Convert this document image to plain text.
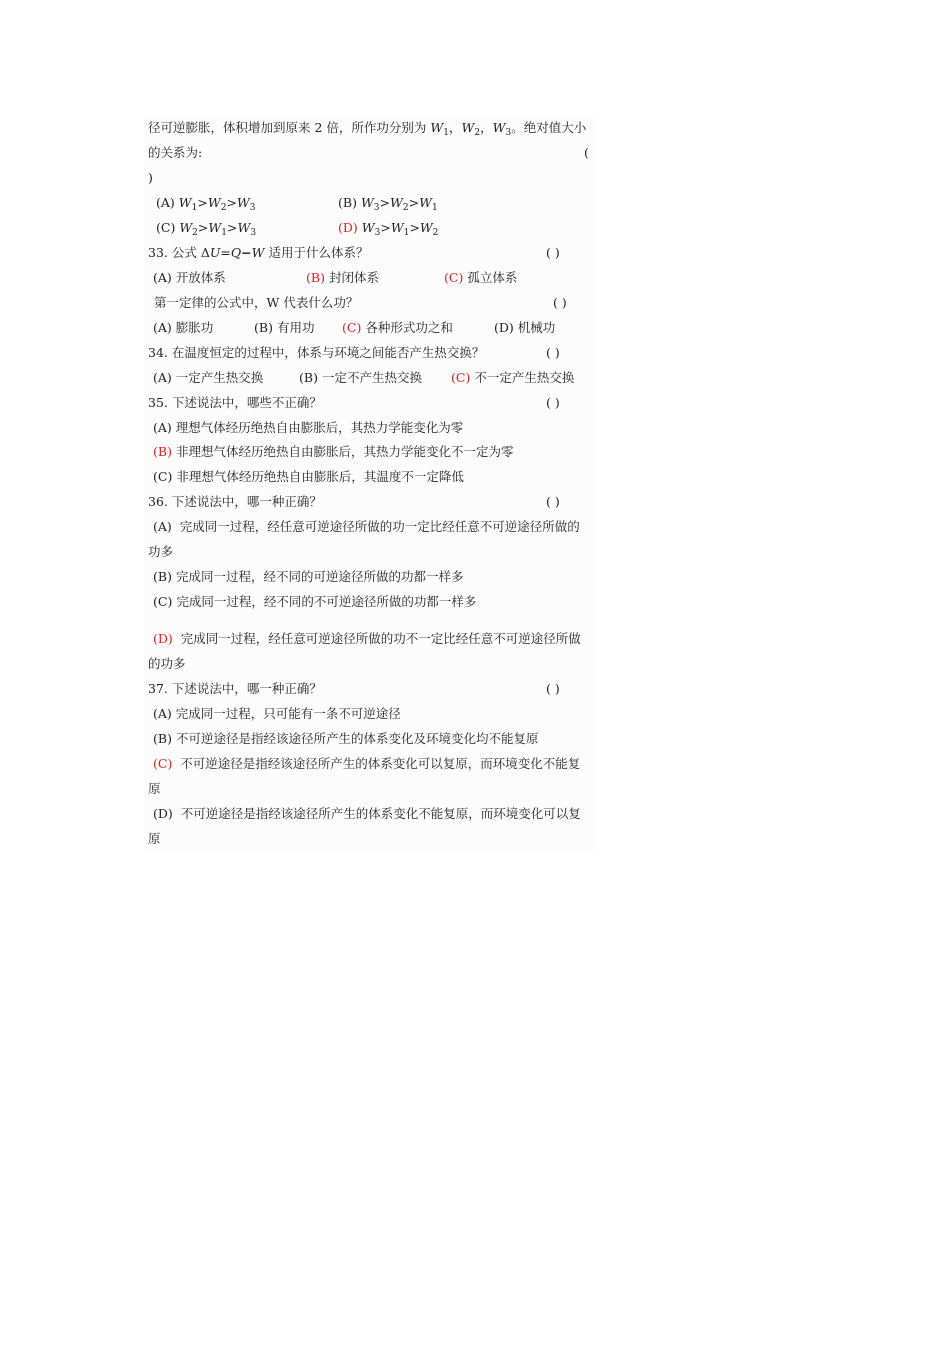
径可逆膨胀，体积增加到原来 2 倍，所作功分别为 $W_1$，$W_2$，$W_3$。绝对值大小
的关系为:	(
)
(A) $W_1>W_2>W_3$	(B) $W_3>W_2>W_1$
(C) $W_2>W_1>W_3$	(D) $W_3>W_1>W_2$
33. 公式 ΔU=Q−W 适用于什么体系？	( )
(A) 开放体系	(B) 封闭体系	(C) 孤立体系
第一定律的公式中，W 代表什么功？	( )
(A) 膨胀功	(B) 有用功 (C) 各种形式功之和	(D) 机械功
34. 在温度恒定的过程中，体系与环境之间能否产生热交换？	( )
(A) 一定产生热交换	(B) 一定不产生热交换 (C) 不一定产生热交换
35. 下述说法中，哪些不正确？	( )
(A) 理想气体经历绝热自由膨胀后，其热力学能变化为零
(B) 非理想气体经历绝热自由膨胀后，其热力学能变化不一定为零
(C) 非理想气体经历绝热自由膨胀后，其温度不一定降低
36. 下述说法中，哪一种正确？	( )
(A) 完成同一过程，经任意可逆途径所做的功一定比经任意不可逆途径所做的
功多
(B) 完成同一过程，经不同的可逆途径所做的功都一样多
(C) 完成同一过程，经不同的不可逆途径所做的功都一样多
(D) 完成同一过程，经任意可逆途径所做的功不一定比经任意不可逆途径所做
的功多
37. 下述说法中，哪一种正确？	( )
(A) 完成同一过程，只可能有一条不可逆途径
(B) 不可逆途径是指经该途径所产生的体系变化及环境变化均不能复原
(C) 不可逆途径是指经该途径所产生的体系变化可以复原，而环境变化不能复
原
(D) 不可逆途径是指经该途径所产生的体系变化不能复原，而环境变化可以复
原
